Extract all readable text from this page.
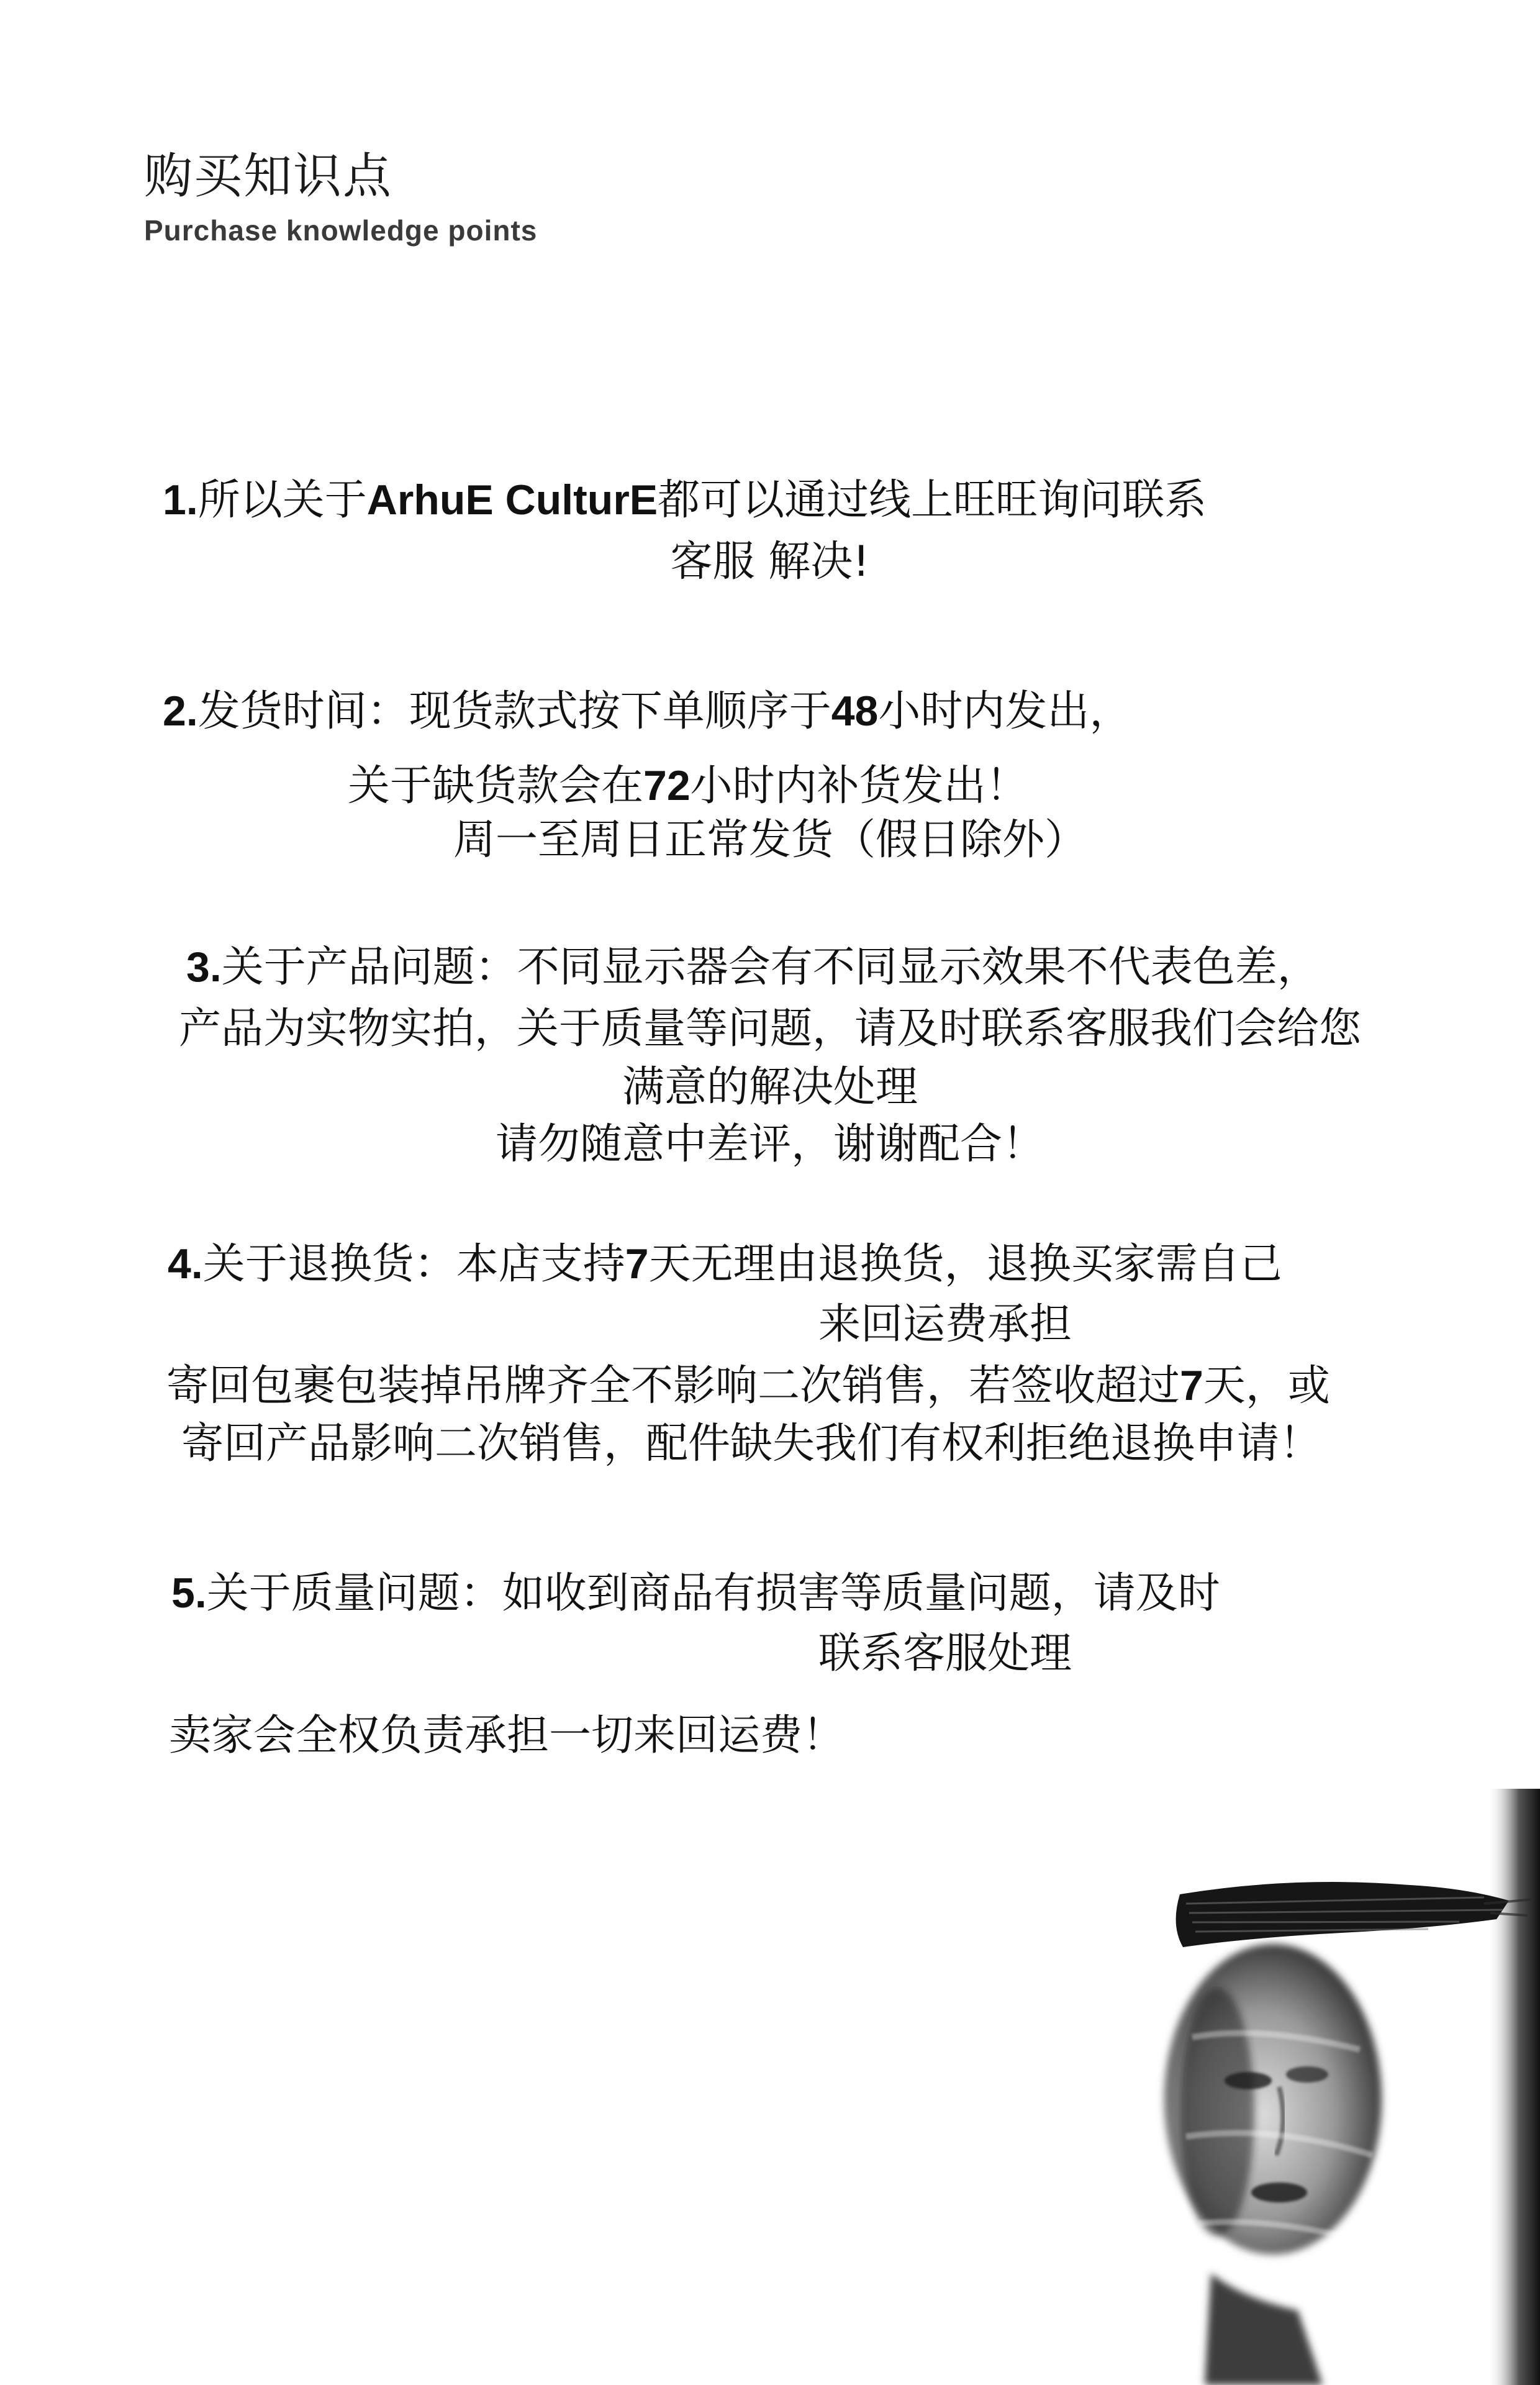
购买知识点
Purchase knowledge points
1.所以关于ArhuE CulturE都可以通过线上旺旺询问联系
客服 解决!
2.发货时间：现货款式按下单顺序于48小时内发出，
关于缺货款会在72小时内补货发出！
周一至周日正常发货（假日除外）
3.关于产品问题：不同显示器会有不同显示效果不代表色差，
产品为实物实拍，关于质量等问题，请及时联系客服我们会给您
满意的解决处理
请勿随意中差评，谢谢配合！
4.关于退换货：本店支持7天无理由退换货，退换买家需自己
来回运费承担
寄回包裹包装掉吊牌齐全不影响二次销售，若签收超过7天，或
寄回产品影响二次销售，配件缺失我们有权利拒绝退换申请！
5.关于质量问题：如收到商品有损害等质量问题，请及时
联系客服处理
卖家会全权负责承担一切来回运费！
